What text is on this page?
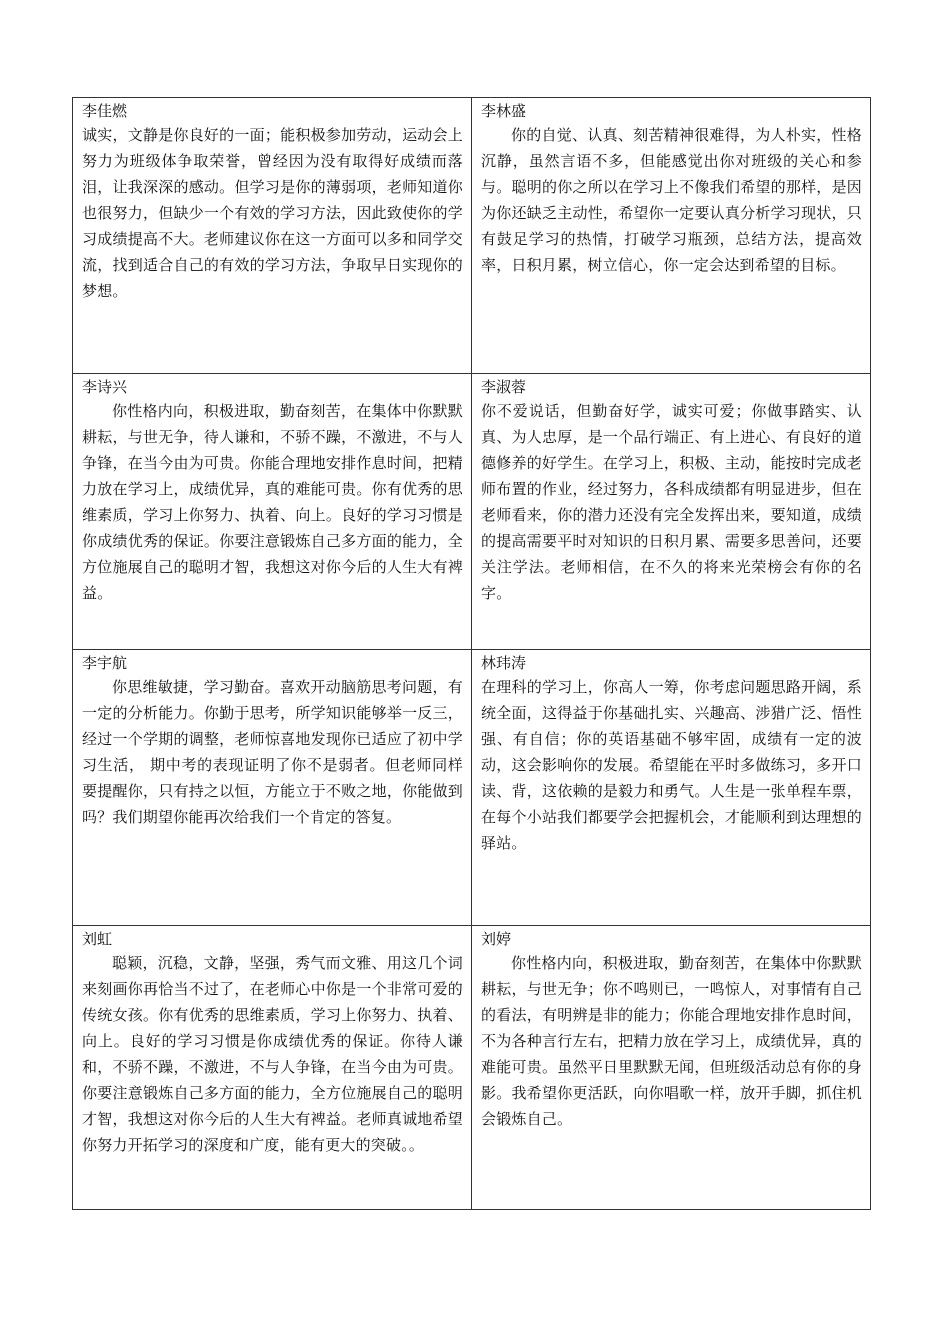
李佳燃

诚实，文静是你良好的一面；能积极参加劳动，运动会上努力为班级体争取荣誉，曾经因为没有取得好成绩而落泪，让我深深的感动。但学习是你的薄弱项，老师知道你也很努力，但缺少一个有效的学习方法，因此致使你的学习成绩提高不大。老师建议你在这一方面可以多和同学交流，找到适合自己的有效的学习方法，争取早日实现你的梦想。

李林盛

你的自觉、认真、刻苦精神很难得，为人朴实，性格沉静，虽然言语不多，但能感觉出你对班级的关心和参与。聪明的你之所以在学习上不像我们希望的那样，是因为你还缺乏主动性，希望你一定要认真分析学习现状，只有鼓足学习的热情，打破学习瓶颈，总结方法，提高效率，日积月累，树立信心，你一定会达到希望的目标。

李诗兴

你性格内向，积极进取，勤奋刻苦，在集体中你默默耕耘，与世无争，待人谦和，不骄不躁，不激进，不与人争锋，在当今由为可贵。你能合理地安排作息时间，把精力放在学习上，成绩优异，真的难能可贵。你有优秀的思维素质，学习上你努力、执着、向上。良好的学习习惯是你成绩优秀的保证。你要注意锻炼自己多方面的能力，全方位施展自己的聪明才智，我想这对你今后的人生大有裨益。

李淑蓉

你不爱说话，但勤奋好学，诚实可爱；你做事踏实、认真、为人忠厚，是一个品行端正、有上进心、有良好的道德修养的好学生。在学习上，积极、主动，能按时完成老师布置的作业，经过努力，各科成绩都有明显进步，但在老师看来，你的潜力还没有完全发挥出来，要知道，成绩的提高需要平时对知识的日积月累、需要多思善问，还要关注学法。老师相信，在不久的将来光荣榜会有你的名字。

李宇航

你思维敏捷，学习勤奋。喜欢开动脑筋思考问题，有一定的分析能力。你勤于思考，所学知识能够举一反三，经过一个学期的调整，老师惊喜地发现你已适应了初中学习生活， 期中考的表现证明了你不是弱者。但老师同样要提醒你，只有持之以恒，方能立于不败之地，你能做到吗？我们期望你能再次给我们一个肯定的答复。

林玮涛

在理科的学习上，你高人一筹，你考虑问题思路开阔，系统全面，这得益于你基础扎实、兴趣高、涉猎广泛、悟性强、有自信；你的英语基础不够牢固，成绩有一定的波动，这会影响你的发展。希望能在平时多做练习，多开口读、背，这依赖的是毅力和勇气。人生是一张单程车票，在每个小站我们都要学会把握机会，才能顺利到达理想的驿站。

刘虹

聪颖，沉稳，文静，坚强，秀气而文雅、用这几个词来刻画你再恰当不过了，在老师心中你是一个非常可爱的传统女孩。你有优秀的思维素质，学习上你努力、执着、向上。良好的学习习惯是你成绩优秀的保证。你待人谦和，不骄不躁，不激进，不与人争锋，在当今由为可贵。你要注意锻炼自己多方面的能力，全方位施展自己的聪明才智，我想这对你今后的人生大有裨益。老师真诚地希望你努力开拓学习的深度和广度，能有更大的突破。。

刘婷

你性格内向，积极进取，勤奋刻苦，在集体中你默默耕耘，与世无争；你不鸣则已，一鸣惊人，对事情有自己的看法，有明辨是非的能力；你能合理地安排作息时间，不为各种言行左右，把精力放在学习上，成绩优异，真的难能可贵。虽然平日里默默无闻，但班级活动总有你的身影。我希望你更活跃，向你唱歌一样，放开手脚，抓住机会锻炼自己。
